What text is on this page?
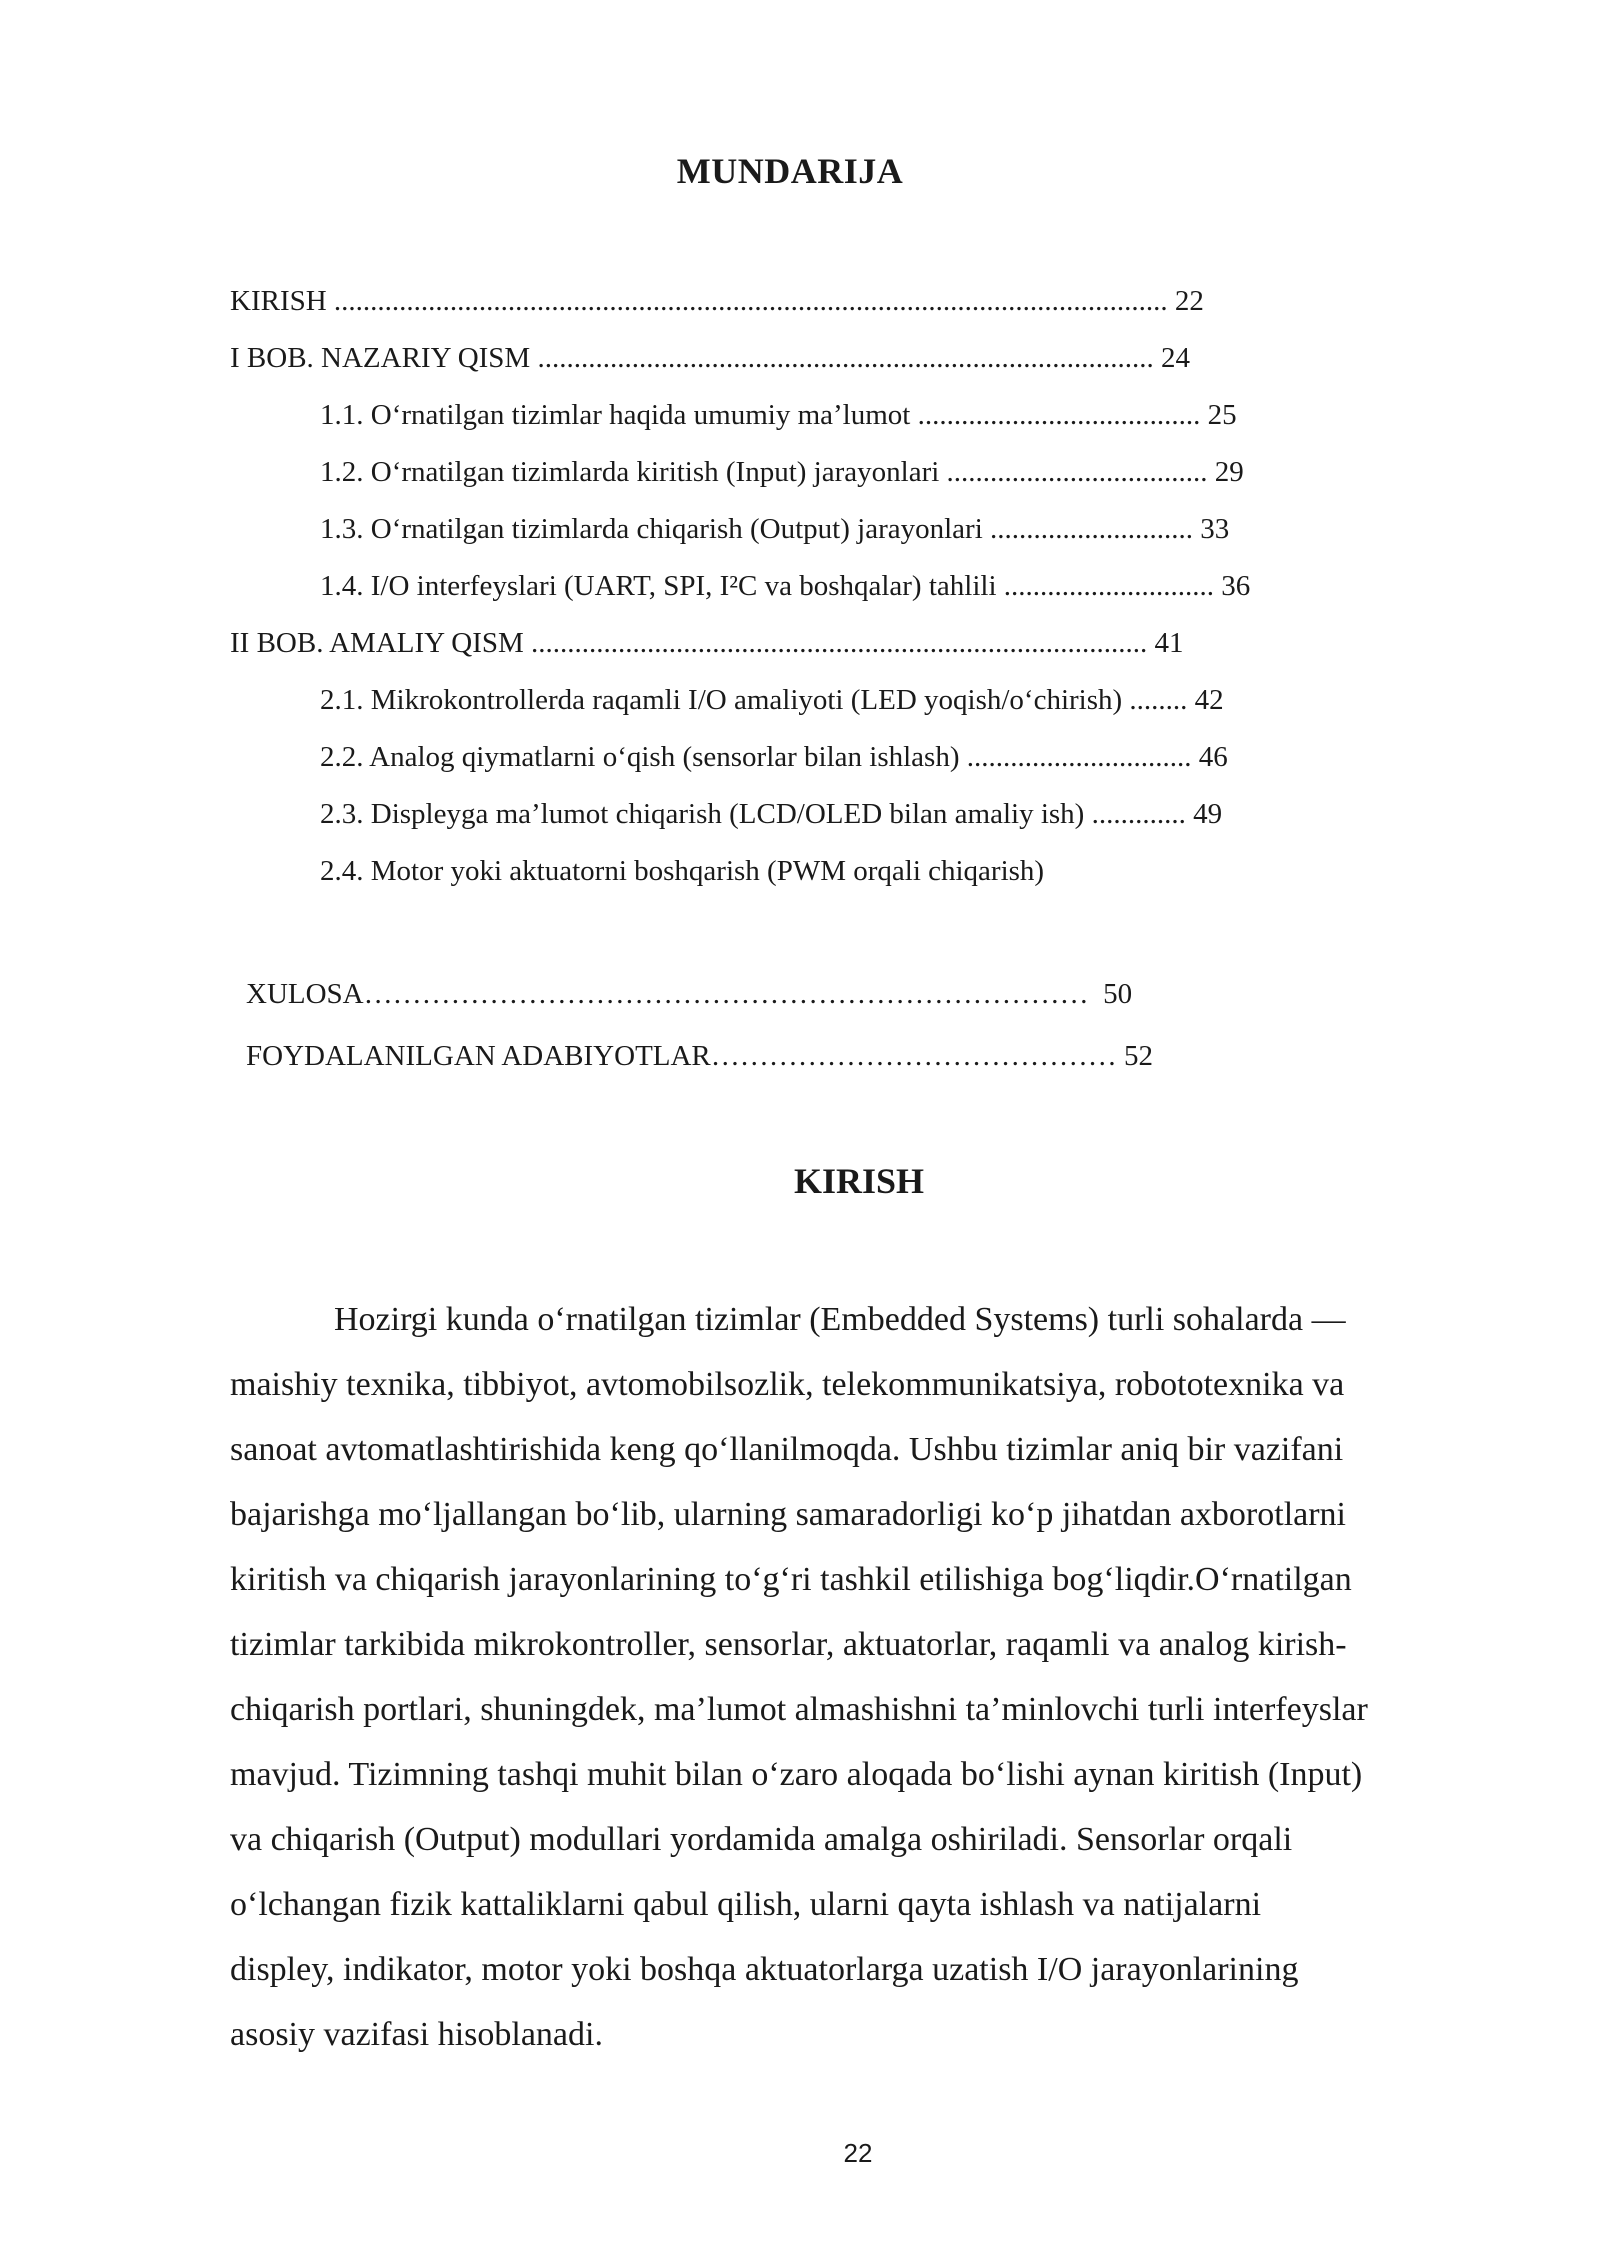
MUNDARIJA
KIRISH ................................................................................................................... 22
I BOB. NAZARIY QISM ..................................................................................... 24
1.1. O‘rnatilgan tizimlar haqida umumiy ma’lumot ....................................... 25
1.2. O‘rnatilgan tizimlarda kiritish (Input) jarayonlari .................................... 29
1.3. O‘rnatilgan tizimlarda chiqarish (Output) jarayonlari ............................ 33
1.4. I/O interfeyslari (UART, SPI, I²C va boshqalar) tahlili ............................. 36
II BOB. AMALIY QISM ..................................................................................... 41
2.1. Mikrokontrollerda raqamli I/O amaliyoti (LED yoqish/o‘chirish) ........ 42
2.2. Analog qiymatlarni o‘qish (sensorlar bilan ishlash) ............................... 46
2.3. Displeyga ma’lumot chiqarish (LCD/OLED bilan amaliy ish) ............. 49
2.4. Motor yoki aktuatorni boshqarish (PWM orqali chiqarish)
XULOSA…………………………………………………………………  50
FOYDALANILGAN ADABIYOTLAR…………………………………… 52
KIRISH
Hozirgi kunda o‘rnatilgan tizimlar (Embedded Systems) turli sohalarda —
maishiy texnika, tibbiyot, avtomobilsozlik, telekommunikatsiya, robototexnika va
sanoat avtomatlashtirishida keng qo‘llanilmoqda. Ushbu tizimlar aniq bir vazifani
bajarishga mo‘ljallangan bo‘lib, ularning samaradorligi ko‘p jihatdan axborotlarni
kiritish va chiqarish jarayonlarining to‘g‘ri tashkil etilishiga bog‘liqdir.O‘rnatilgan
tizimlar tarkibida mikrokontroller, sensorlar, aktuatorlar, raqamli va analog kirish-
chiqarish portlari, shuningdek, ma’lumot almashishni ta’minlovchi turli interfeyslar
mavjud. Tizimning tashqi muhit bilan o‘zaro aloqada bo‘lishi aynan kiritish (Input)
va chiqarish (Output) modullari yordamida amalga oshiriladi. Sensorlar orqali
o‘lchangan fizik kattaliklarni qabul qilish, ularni qayta ishlash va natijalarni
displey, indikator, motor yoki boshqa aktuatorlarga uzatish I/O jarayonlarining
asosiy vazifasi hisoblanadi.
22
